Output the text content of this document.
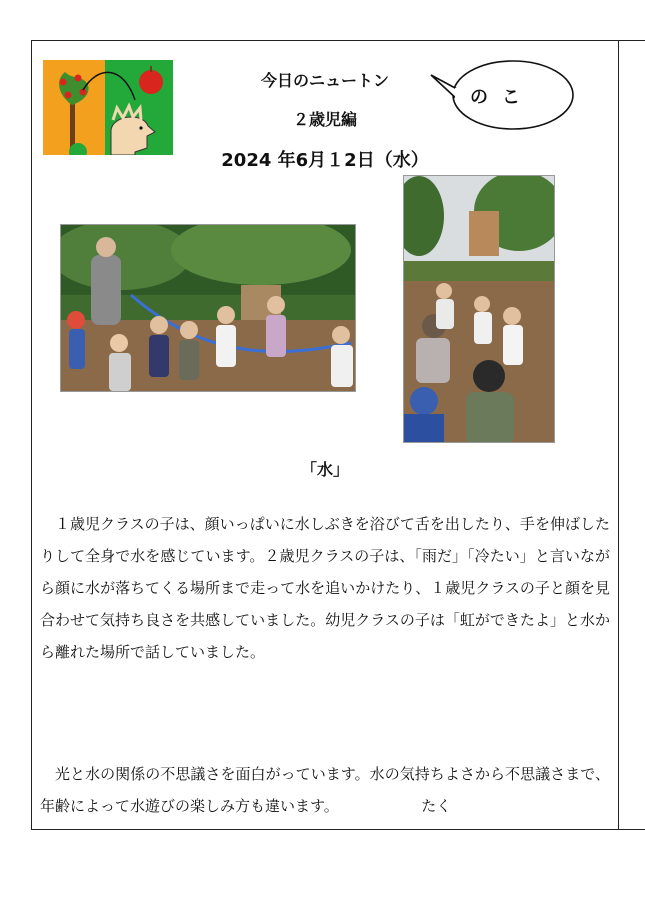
今日のニュートン
２歳児編
2024 年6月１2日（水）
のこ
「水」

１歳児クラスの子は、顔いっぱいに水しぶきを浴びて舌を出したり、手を伸ばしたりして全身で水を感じています。２歳児クラスの子は、「雨だ」「冷たい」と言いながら顔に水が落ちてくる場所まで走って水を追いかけたり、１歳児クラスの子と顔を見合わせて気持ち良さを共感していました。幼児クラスの子は「虹ができたよ」と水から離れた場所で話していました。

光と水の関係の不思議さを面白がっています。水の気持ちよさから不思議さまで、年齢によって水遊びの楽しみ方も違います。　　　　　　たく
